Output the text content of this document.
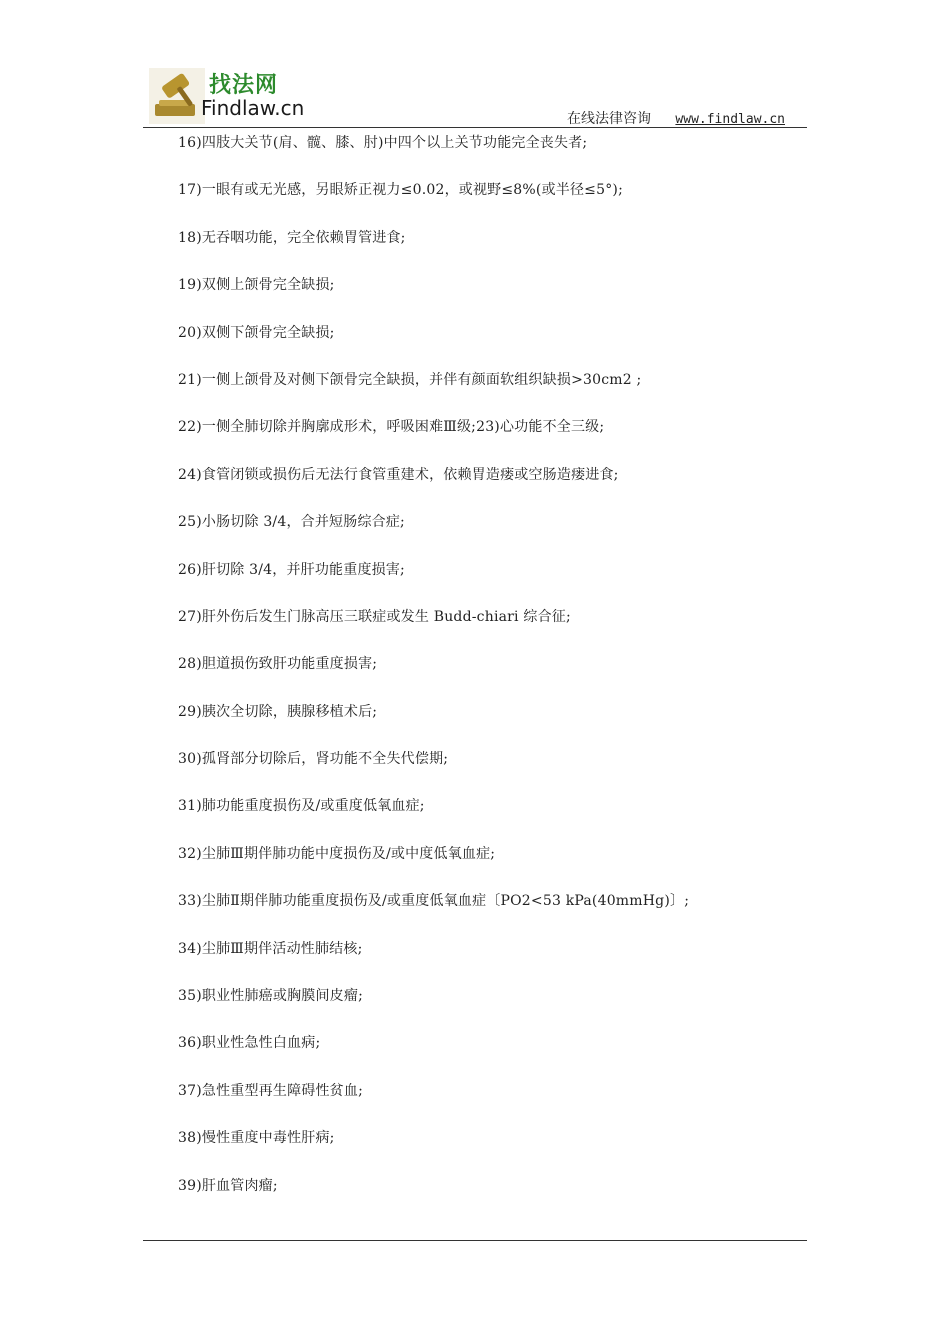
找法网
Findlaw.cn	在线法律咨询 www.findlaw.cn
16)四肢大关节(肩、髋、膝、肘)中四个以上关节功能完全丧失者;
17)一眼有或无光感，另眼矫正视力≤0.02，或视野≤8%(或半径≤5°);
18)无吞咽功能，完全依赖胃管进食;
19)双侧上颌骨完全缺损;
20)双侧下颌骨完全缺损;
21)一侧上颌骨及对侧下颌骨完全缺损，并伴有颜面软组织缺损>30cm2 ;
22)一侧全肺切除并胸廓成形术，呼吸困难Ⅲ级;23)心功能不全三级;
24)食管闭锁或损伤后无法行食管重建术，依赖胃造瘘或空肠造瘘进食;
25)小肠切除 3/4，合并短肠综合症;
26)肝切除 3/4，并肝功能重度损害;
27)肝外伤后发生门脉高压三联症或发生 Budd-chiari 综合征;
28)胆道损伤致肝功能重度损害;
29)胰次全切除，胰腺移植术后;
30)孤肾部分切除后，肾功能不全失代偿期;
31)肺功能重度损伤及/或重度低氧血症;
32)尘肺Ⅲ期伴肺功能中度损伤及/或中度低氧血症;
33)尘肺Ⅱ期伴肺功能重度损伤及/或重度低氧血症〔PO2<53 kPa(40mmHg)〕;
34)尘肺Ⅲ期伴活动性肺结核;
35)职业性肺癌或胸膜间皮瘤;
36)职业性急性白血病;
37)急性重型再生障碍性贫血;
38)慢性重度中毒性肝病;
39)肝血管肉瘤;
